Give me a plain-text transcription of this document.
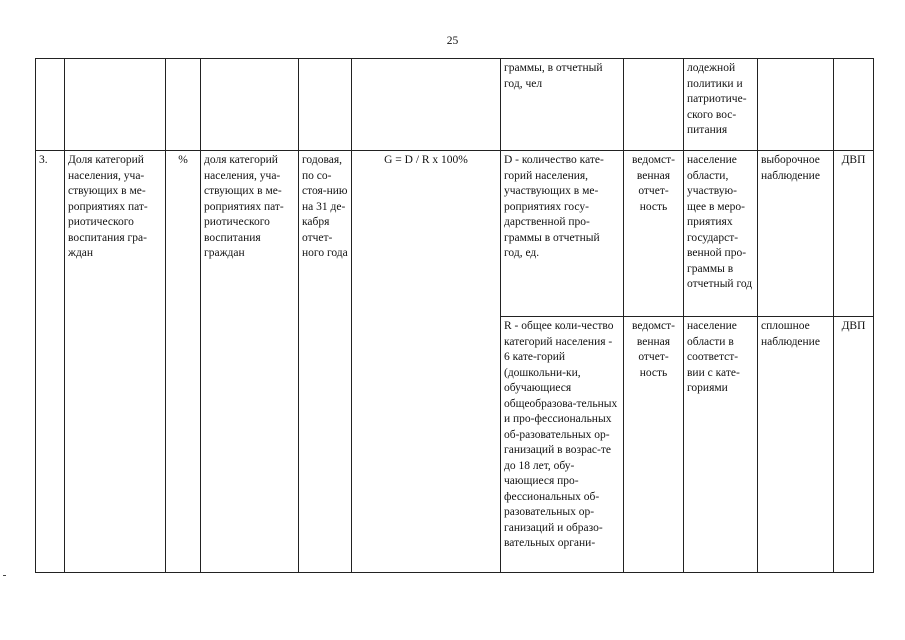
25
						граммы, в отчетный год, чел		лодежной политики и патриотиче-ского вос-питания		
3.	Доля категорий населения, уча-ствующих в ме-роприятиях пат-риотического воспитания гра-ждан	%	доля категорий населения, уча-ствующих в ме-роприятиях пат-риотического воспитания граждан	годовая, по со-стоя-нию на 31 де-кабря отчет-ного года	G = D / R x 100%	D - количество кате-горий населения, участвующих в ме-роприятиях госу-дарственной про-граммы в отчетный год, ед.	ведомст-венная отчет-ность	население области, участвую-щее в меро-приятиях государст-венной про-граммы в отчетный год	выборочное наблюдение	ДВП
						R - общее коли-чество категорий населения - 6 кате-горий (дошкольни-ки, обучающиеся общеобразова-тельных и про-фессиональных об-разовательных ор-ганизаций в возрас-те до 18 лет, обу-чающиеся про-фессиональных об-разовательных ор-ганизаций и образо-вательных органи-	ведомст-венная отчет-ность	население области в соответст-вии с кате-гориями	сплошное наблюдение	ДВП
